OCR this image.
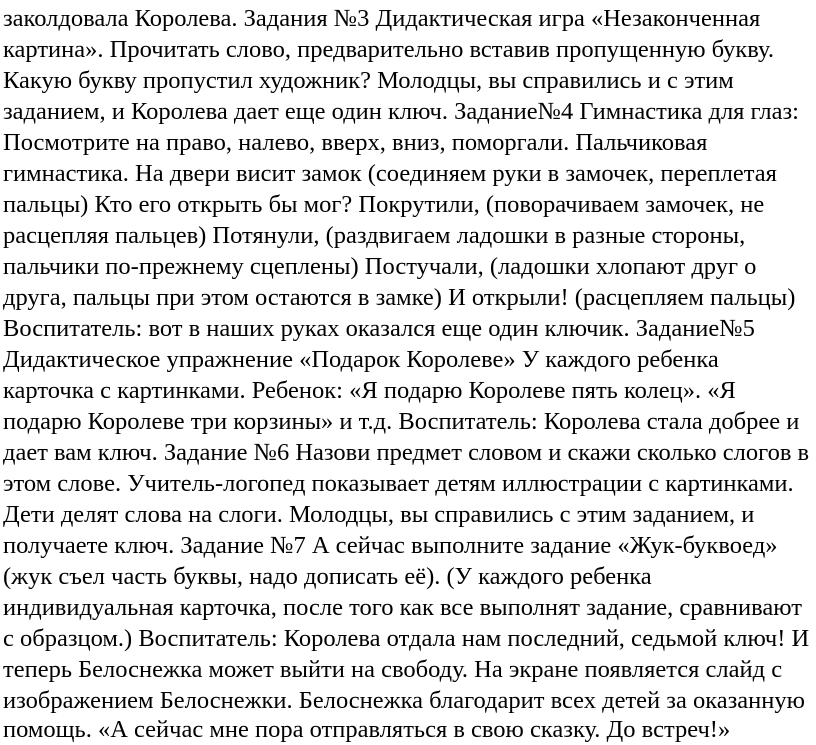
заколдовала Королева. Задания №3 Дидактическая игра «Незаконченная
картина». Прочитать слово, предварительно вставив пропущенную букву.
Какую букву пропустил художник? Молодцы, вы справились и с этим
заданием, и Королева дает еще один ключ. Задание№4 Гимнастика для глаз:
Посмотрите на право, налево, вверх, вниз, поморгали. Пальчиковая
гимнастика. На двери висит замок (соединяем руки в замочек, переплетая
пальцы) Кто его открыть бы мог? Покрутили, (поворачиваем замочек, не
расцепляя пальцев) Потянули, (раздвигаем ладошки в разные стороны,
пальчики по-прежнему сцеплены) Постучали, (ладошки хлопают друг о
друга, пальцы при этом остаются в замке) И открыли! (расцепляем пальцы)
Воспитатель: вот в наших руках оказался еще один ключик. Задание№5
Дидактическое упражнение «Подарок Королеве» У каждого ребенка
карточка с картинками. Ребенок: «Я подарю Королеве пять колец». «Я
подарю Королеве три корзины» и т.д. Воспитатель: Королева стала добрее и
дает вам ключ. Задание №6 Назови предмет словом и скажи сколько слогов в
этом слове. Учитель-логопед показывает детям иллюстрации с картинками.
Дети делят слова на слоги. Молодцы, вы справились с этим заданием, и
получаете ключ. Задание №7 А сейчас выполните задание «Жук-буквоед»
(жук съел часть буквы, надо дописать её). (У каждого ребенка
индивидуальная карточка, после того как все выполнят задание, сравнивают
с образцом.) Воспитатель: Королева отдала нам последний, седьмой ключ! И
теперь Белоснежка может выйти на свободу. На экране появляется слайд с
изображением Белоснежки. Белоснежка благодарит всех детей за оказанную
помощь. «А сейчас мне пора отправляться в свою сказку. До встреч!»
